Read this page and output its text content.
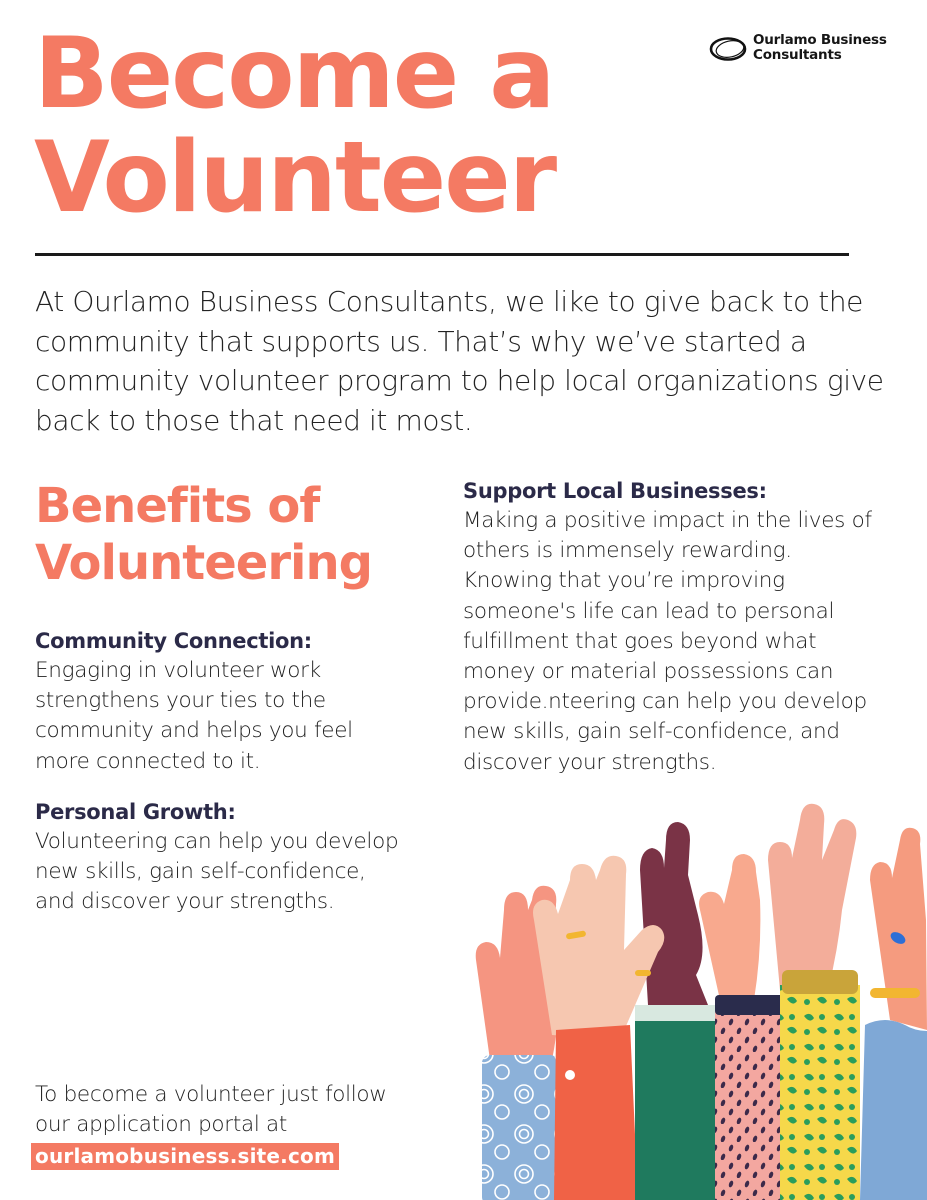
Become a
Volunteer
Ourlamo Business
Consultants

At Ourlamo Business Consultants, we like to give back to the community that supports us. That’s why we’ve started a community volunteer program to help local organizations give back to those that need it most.

Benefits of
Volunteering
Community Connection:

Engaging in volunteer work strengthens your ties to the community and helps you feel more connected to it.

Personal Growth:

Volunteering can help you develop new skills, gain self-confidence, and discover your strengths.

Support Local Businesses:

Making a positive impact in the lives of others is immensely rewarding. Knowing that you’re improving someone's life can lead to personal fulfillment that goes beyond what money or material possessions can provide.nteering can help you develop new skills, gain self-confidence, and discover your strengths.

To become a volunteer just follow our application portal at

ourlamobusiness.site.com
